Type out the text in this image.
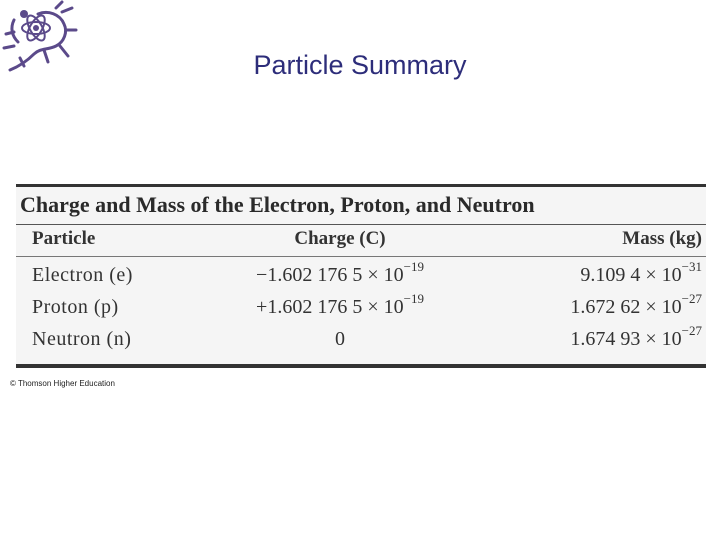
Particle Summary
Charge and Mass of the Electron, Proton, and Neutron
Particle	Charge (C)	Mass (kg)
Electron (e)	−1.602 176 $5 \times 10^{-19}$	9.109 $4 \times 10^{-31}$
Proton (p)	+1.602 176 $5 \times 10^{-19}$	1.672 $62 \times 10^{-27}$
Neutron (n)	0	1.674 $93 \times 10^{-27}$
© Thomson Higher Education
